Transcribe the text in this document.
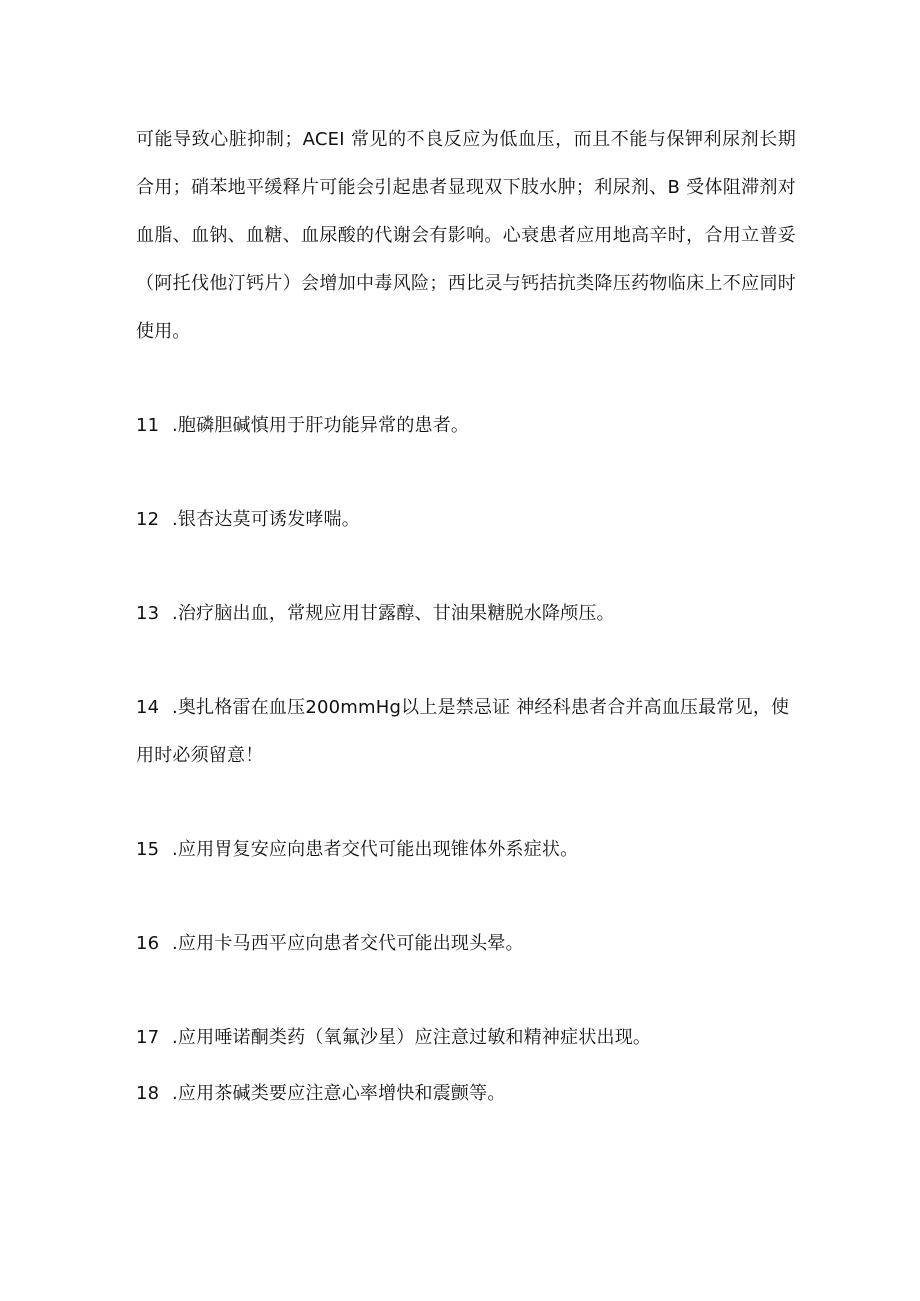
可能导致心脏抑制；ACEI 常见的不良反应为低血压，而且不能与保钾利尿剂长期合用；硝苯地平缓释片可能会引起患者显现双下肢水肿；利尿剂、B 受体阻滞剂对血脂、血钠、血糖、血尿酸的代谢会有影响。心衰患者应用地高辛时，合用立普妥（阿托伐他汀钙片）会增加中毒风险；西比灵与钙拮抗类降压药物临床上不应同时使用。

11 .胞磷胆碱慎用于肝功能异常的患者。

12 .银杏达莫可诱发哮喘。

13 .治疗脑出血，常规应用甘露醇、甘油果糖脱水降颅压。

14 .奥扎格雷在血压200mmHg以上是禁忌证 神经科患者合并高血压最常见，使用时必须留意！

15 .应用胃复安应向患者交代可能出现锥体外系症状。

16 .应用卡马西平应向患者交代可能出现头晕。

17 .应用唾诺酮类药（氧氟沙星）应注意过敏和精神症状出现。

18 .应用茶碱类要应注意心率增快和震颤等。
